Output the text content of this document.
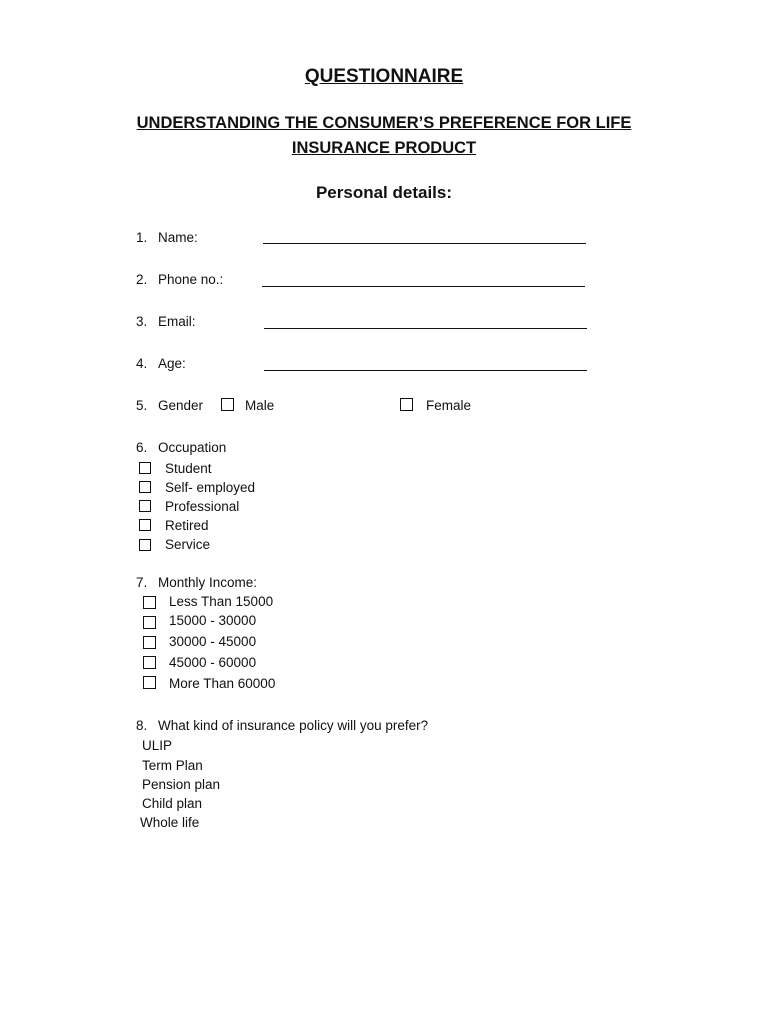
QUESTIONNAIRE
UNDERSTANDING THE CONSUMER’S PREFERENCE FOR LIFE
INSURANCE PRODUCT
Personal details:
1. Name:
2. Phone no.:
3. Email:
4. Age:
5. Gender	Male	Female
6. Occupation
Student
Self- employed
Professional
Retired
Service
7. Monthly Income:
Less Than 15000
15000 - 30000
30000 - 45000
45000 - 60000
More Than 60000
8. What kind of insurance policy will you prefer?
ULIP
Term Plan
Pension plan
Child plan
Whole life
